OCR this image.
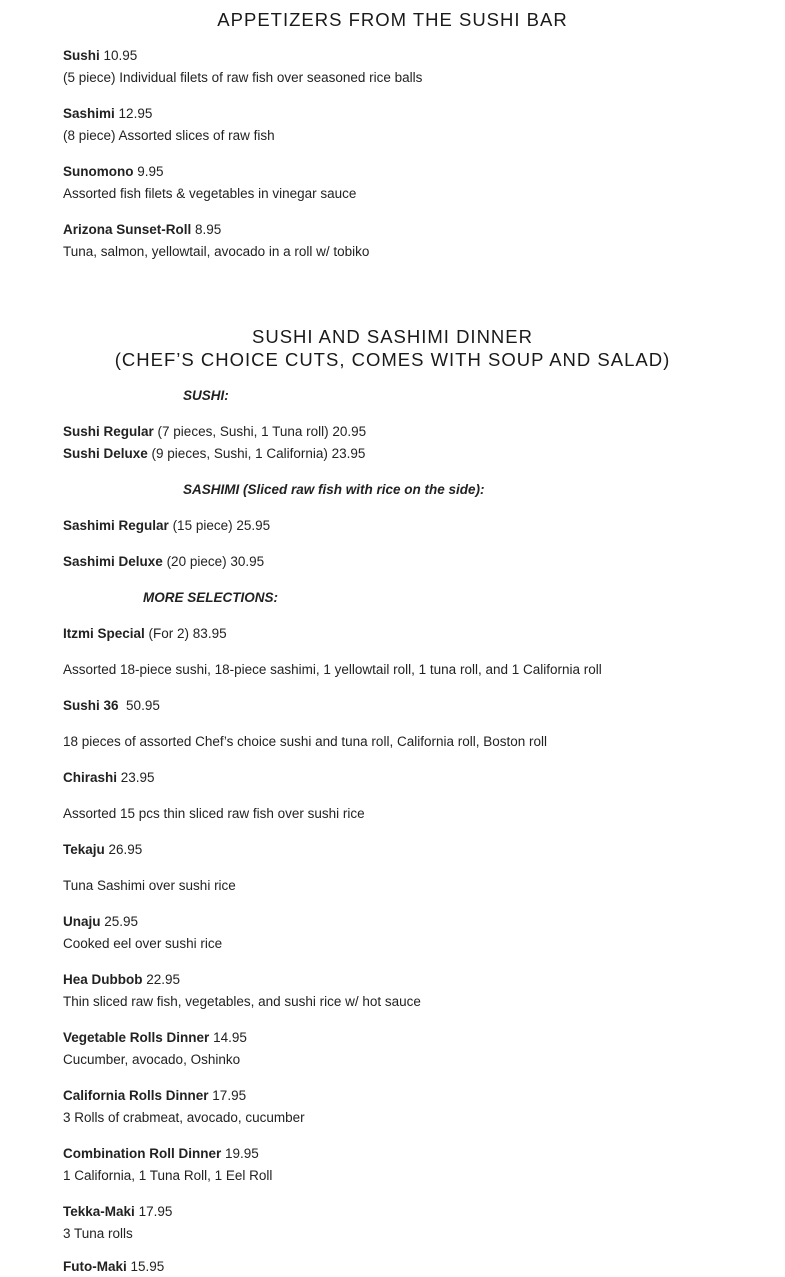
APPETIZERS FROM THE SUSHI BAR
Sushi 10.95
(5 piece) Individual filets of raw fish over seasoned rice balls
Sashimi 12.95
(8 piece) Assorted slices of raw fish
Sunomono 9.95
Assorted fish filets & vegetables in vinegar sauce
Arizona Sunset-Roll 8.95
Tuna, salmon, yellowtail, avocado in a roll w/ tobiko
SUSHI AND SASHIMI DINNER
(CHEF’S CHOICE CUTS, COMES WITH SOUP AND SALAD)
SUSHI:
Sushi Regular (7 pieces, Sushi, 1 Tuna roll) 20.95
Sushi Deluxe (9 pieces, Sushi, 1 California) 23.95
SASHIMI (Sliced raw fish with rice on the side):
Sashimi Regular (15 piece) 25.95
Sashimi Deluxe (20 piece) 30.95
MORE SELECTIONS:
Itzmi Special (For 2) 83.95
Assorted 18-piece sushi, 18-piece sashimi, 1 yellowtail roll, 1 tuna roll, and 1 California roll
Sushi 36 50.95
18 pieces of assorted Chef’s choice sushi and tuna roll, California roll, Boston roll
Chirashi 23.95
Assorted 15 pcs thin sliced raw fish over sushi rice
Tekaju 26.95
Tuna Sashimi over sushi rice
Unaju 25.95
Cooked eel over sushi rice
Hea Dubbob 22.95
Thin sliced raw fish, vegetables, and sushi rice w/ hot sauce
Vegetable Rolls Dinner 14.95
Cucumber, avocado, Oshinko
California Rolls Dinner 17.95
3 Rolls of crabmeat, avocado, cucumber
Combination Roll Dinner 19.95
1 California, 1 Tuna Roll, 1 Eel Roll
Tekka-Maki 17.95
3 Tuna rolls
Futo-Maki 15.95
